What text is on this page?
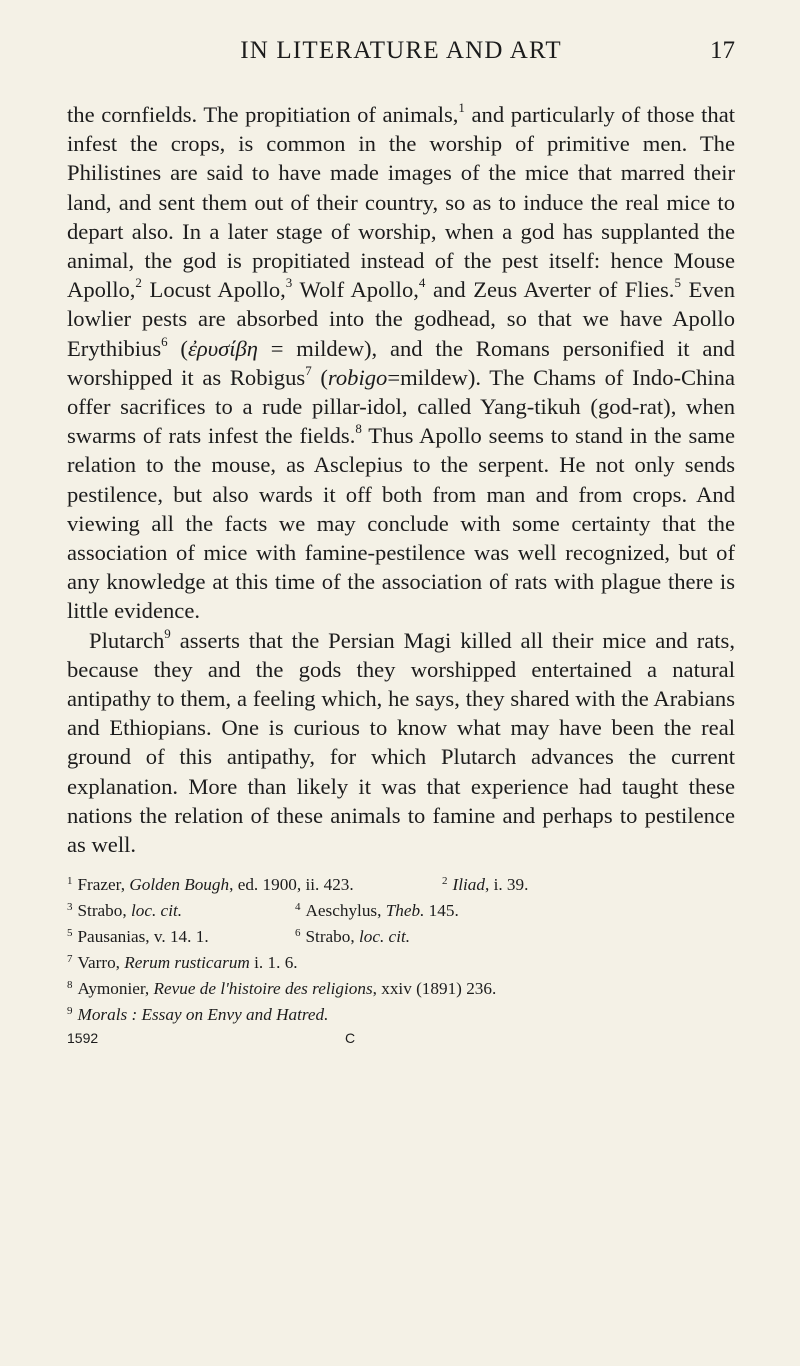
IN LITERATURE AND ART	17

the cornfields. The propitiation of animals,$^1$ and particularly of those that infest the crops, is common in the worship of primitive men. The Philistines are said to have made images of the mice that marred their land, and sent them out of their country, so as to induce the real mice to depart also. In a later stage of worship, when a god has supplanted the animal, the god is propitiated instead of the pest itself: hence Mouse Apollo,$^2$ Locust Apollo,$^3$ Wolf Apollo,$^4$ and Zeus Averter of Flies.$^5$ Even lowlier pests are absorbed into the godhead, so that we have Apollo Erythibius$^6$ (ἐρυσίβη = mildew), and the Romans personified it and worshipped it as Robigus$^7$ (robigo=mildew). The Chams of Indo-China offer sacrifices to a rude pillar-idol, called Yang-tikuh (god-rat), when swarms of rats infest the fields.$^8$ Thus Apollo seems to stand in the same relation to the mouse, as Asclepius to the serpent. He not only sends pestilence, but also wards it off both from man and from crops. And viewing all the facts we may conclude with some certainty that the association of mice with famine-pestilence was well recognized, but of any knowledge at this time of the association of rats with plague there is little evidence.

Plutarch$^9$ asserts that the Persian Magi killed all their mice and rats, because they and the gods they worshipped entertained a natural antipathy to them, a feeling which, he says, they shared with the Arabians and Ethiopians. One is curious to know what may have been the real ground of this antipathy, for which Plutarch advances the current explanation. More than likely it was that experience had taught these nations the relation of these animals to famine and perhaps to pestilence as well.

$^1$ Frazer, Golden Bough, ed. 1900, ii. 423.	$^2$ Iliad, i. 39.
$^3$ Strabo, loc. cit.	$^4$ Aeschylus, Theb. 145.
$^5$ Pausanias, v. 14. 1.	$^6$ Strabo, loc. cit.
$^7$ Varro, Rerum rusticarum i. 1. 6.
$^8$ Aymonier, Revue de l'histoire des religions, xxiv (1891) 236.
$^9$ Morals : Essay on Envy and Hatred.
1592	C
